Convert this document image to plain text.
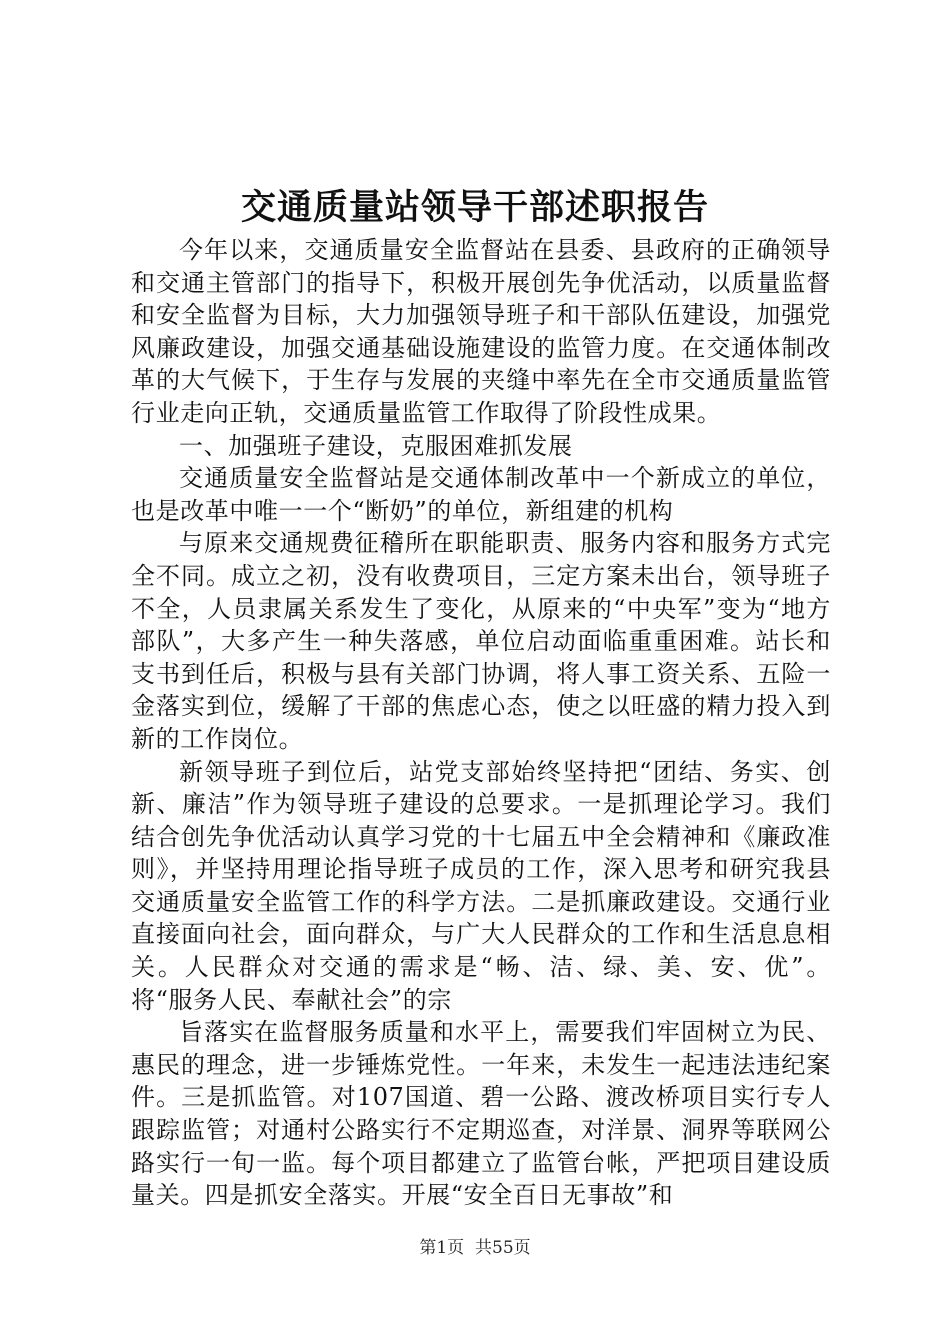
交通质量站领导干部述职报告

今年以来，交通质量安全监督站在县委、县政府的正确领导和交通主管部门的指导下，积极开展创先争优活动，以质量监督和安全监督为目标，大力加强领导班子和干部队伍建设，加强党风廉政建设，加强交通基础设施建设的监管力度。在交通体制改革的大气候下，于生存与发展的夹缝中率先在全市交通质量监管行业走向正轨，交通质量监管工作取得了阶段性成果。

一、加强班子建设，克服困难抓发展

交通质量安全监督站是交通体制改革中一个新成立的单位，也是改革中唯一一个“断奶”的单位，新组建的机构

与原来交通规费征稽所在职能职责、服务内容和服务方式完全不同。成立之初，没有收费项目，三定方案未出台，领导班子不全，人员隶属关系发生了变化，从原来的“中央军”变为“地方部队”，大多产生一种失落感，单位启动面临重重困难。站长和支书到任后，积极与县有关部门协调，将人事工资关系、五险一金落实到位，缓解了干部的焦虑心态，使之以旺盛的精力投入到新的工作岗位。

新领导班子到位后，站党支部始终坚持把“团结、务实、创新、廉洁”作为领导班子建设的总要求。一是抓理论学习。我们结合创先争优活动认真学习党的十七届五中全会精神和《廉政准则》，并坚持用理论指导班子成员的工作，深入思考和研究我县交通质量安全监管工作的科学方法。二是抓廉政建设。交通行业直接面向社会，面向群众，与广大人民群众的工作和生活息息相关。人民群众对交通的需求是“畅、洁、绿、美、安、优”。将“服务人民、奉献社会”的宗

旨落实在监督服务质量和水平上，需要我们牢固树立为民、惠民的理念，进一步锤炼党性。一年来，未发生一起违法违纪案件。三是抓监管。对107国道、碧一公路、渡改桥项目实行专人跟踪监管；对通村公路实行不定期巡查，对洋景、洞界等联网公路实行一旬一监。每个项目都建立了监管台帐，严把项目建设质量关。四是抓安全落实。开展“安全百日无事故”和

第1页 共55页
